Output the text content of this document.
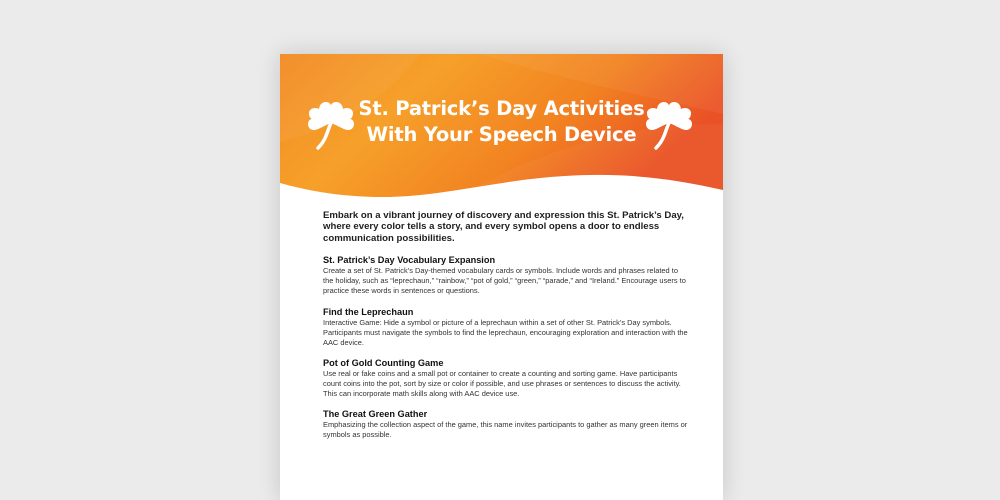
St. Patrick’s Day Activities
With Your Speech Device

Embark on a vibrant journey of discovery and expression this St. Patrick’s Day, where every color tells a story, and every symbol opens a door to endless communication possibilities.

St. Patrick’s Day Vocabulary Expansion

Create a set of St. Patrick’s Day-themed vocabulary cards or symbols. Include words and phrases related to the holiday, such as “leprechaun,” “rainbow,” “pot of gold,” “green,” “parade,” and “Ireland.” Encourage users to practice these words in sentences or questions.

Find the Leprechaun

Interactive Game: Hide a symbol or picture of a leprechaun within a set of other St. Patrick’s Day symbols. Participants must navigate the symbols to find the leprechaun, encouraging exploration and interaction with the AAC device.

Pot of Gold Counting Game

Use real or fake coins and a small pot or container to create a counting and sorting game. Have participants count coins into the pot, sort by size or color if possible, and use phrases or sentences to discuss the activity. This can incorporate math skills along with AAC device use.

The Great Green Gather

Emphasizing the collection aspect of the game, this name invites participants to gather as many green items or symbols as possible.
